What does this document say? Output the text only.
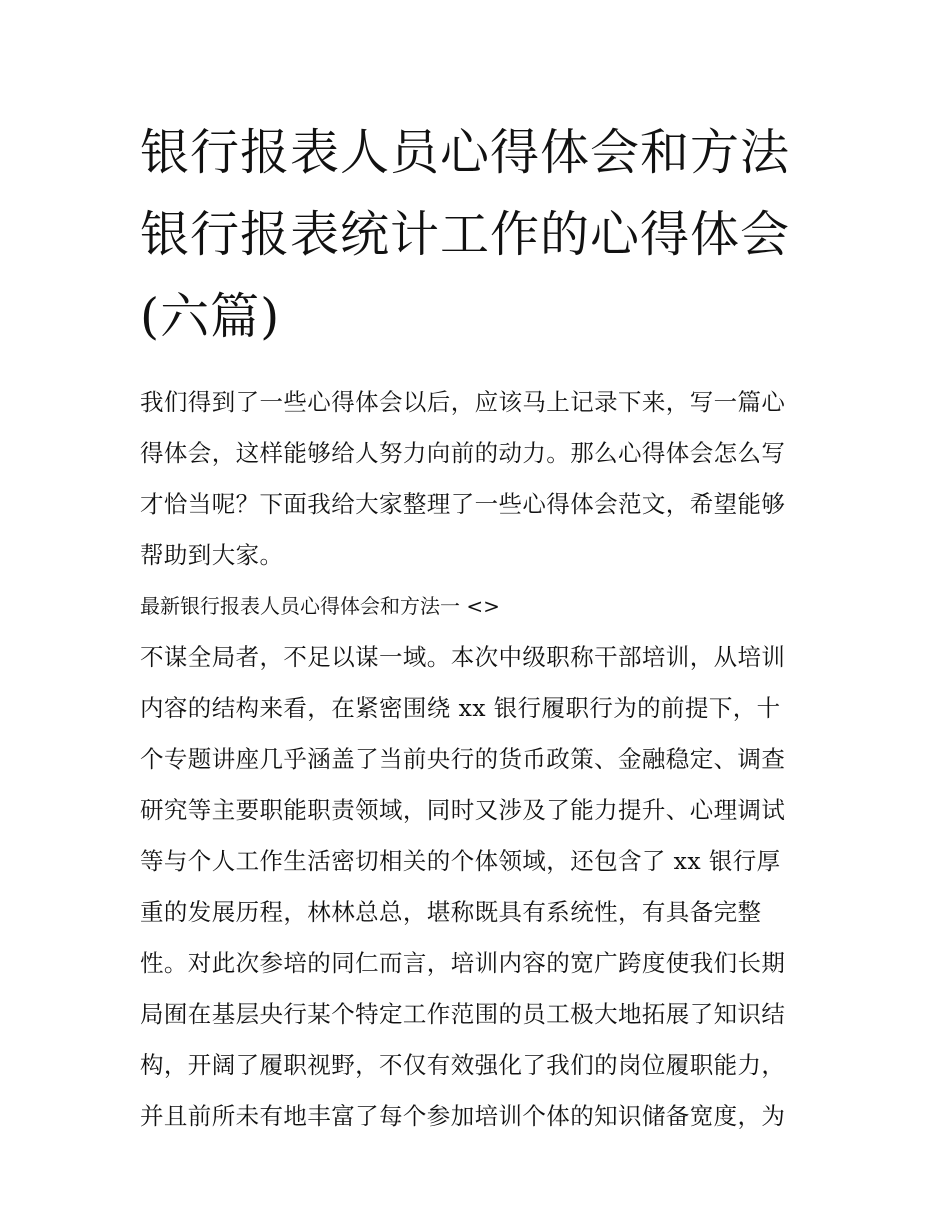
银行报表人员心得体会和方法
银行报表统计工作的心得体会
(六篇)
我们得到了一些心得体会以后，应该马上记录下来，写一篇心
得体会，这样能够给人努力向前的动力。那么心得体会怎么写
才恰当呢？下面我给大家整理了一些心得体会范文，希望能够
帮助到大家。
最新银行报表人员心得体会和方法一 <>
不谋全局者，不足以谋一域。本次中级职称干部培训，从培训
内容的结构来看，在紧密围绕 xx 银行履职行为的前提下，十
个专题讲座几乎涵盖了当前央行的货币政策、金融稳定、调查
研究等主要职能职责领域，同时又涉及了能力提升、心理调试
等与个人工作生活密切相关的个体领域，还包含了 xx 银行厚
重的发展历程，林林总总，堪称既具有系统性，有具备完整
性。对此次参培的同仁而言，培训内容的宽广跨度使我们长期
局囿在基层央行某个特定工作范围的员工极大地拓展了知识结
构，开阔了履职视野，不仅有效强化了我们的岗位履职能力，
并且前所未有地丰富了每个参加培训个体的知识储备宽度，为
